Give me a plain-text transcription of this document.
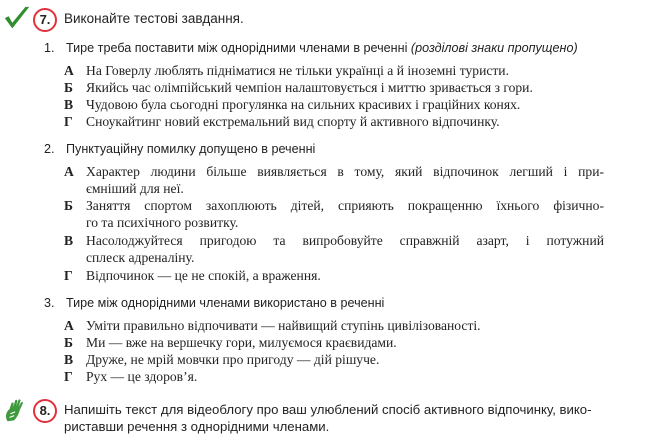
7.	Виконайте тестові завдання.
1. Тире треба поставити між однорідними членами в реченні (розділові знаки пропущено)
А На Говерлу люблять підніматися не тільки українці а й іноземні туристи.
Б Якийсь час олімпійський чемпіон налаштовується і миттю зривається з гори.
В Чудовою була сьогодні прогулянка на сильних красивих і граційних конях.
Г Сноукайтинг новий екстремальний вид спорту й активного відпочинку.
2. Пунктуаційну помилку допущено в реченні
А Характер людини більше виявляється в тому, який відпочинок легший і при-
ємніший для неї.
Б Заняття спортом захоплюють дітей, сприяють покращенню їхнього фізично-
го та психічного розвитку.
В Насолоджуйтеся пригодою та випробовуйте справжній азарт, і потужний
сплеск адреналіну.
Г Відпочинок — це не спокій, а враження.
3. Тире між однорідними членами використано в реченні
А Уміти правильно відпочивати — найвищий ступінь цивілізованості.
Б Ми — вже на вершечку гори, милуємося краєвидами.
В Друже, не мрій мовчки про пригоду — дій рішуче.
Г Рух — це здоров’я.
8.	Напишіть текст для відеоблогу про ваш улюблений спосіб активного відпочинку, вико-
риставши речення з однорідними членами.
